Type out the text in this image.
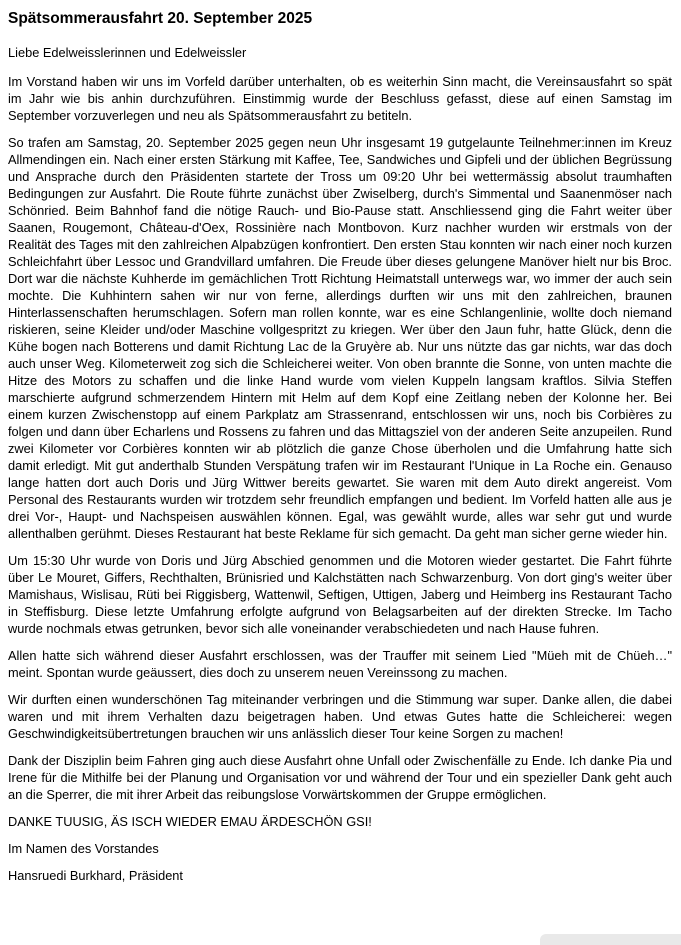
Spätsommerausfahrt 20. September 2025

Liebe Edelweisslerinnen und Edelweissler

Im Vorstand haben wir uns im Vorfeld darüber unterhalten, ob es weiterhin Sinn macht, die Vereinsausfahrt so spät im Jahr wie bis anhin durchzuführen. Einstimmig wurde der Beschluss gefasst, diese auf einen Samstag im September vorzuverlegen und neu als Spätsommerausfahrt zu betiteln.

So trafen am Samstag, 20. September 2025 gegen neun Uhr insgesamt 19 gutgelaunte Teilnehmer:innen im Kreuz Allmendingen ein. Nach einer ersten Stärkung mit Kaffee, Tee, Sandwiches und Gipfeli und der üblichen Begrüssung und Ansprache durch den Präsidenten startete der Tross um 09:20 Uhr bei wettermässig absolut traumhaften Bedingungen zur Ausfahrt. Die Route führte zunächst über Zwiselberg, durch's Simmental und Saanenmöser nach Schönried. Beim Bahnhof fand die nötige Rauch- und Bio-Pause statt. Anschliessend ging die Fahrt weiter über Saanen, Rougemont, Château-d'Oex, Rossinière nach Montbovon. Kurz nachher wurden wir erstmals von der Realität des Tages mit den zahlreichen Alpabzügen konfrontiert. Den ersten Stau konnten wir nach einer noch kurzen Schleichfahrt über Lessoc und Grandvillard umfahren. Die Freude über dieses gelungene Manöver hielt nur bis Broc. Dort war die nächste Kuhherde im gemächlichen Trott Richtung Heimatstall unterwegs war, wo immer der auch sein mochte. Die Kuhhintern sahen wir nur von ferne, allerdings durften wir uns mit den zahlreichen, braunen Hinterlassenschaften herumschlagen. Sofern man rollen konnte, war es eine Schlangenlinie, wollte doch niemand riskieren, seine Kleider und/oder Maschine vollgespritzt zu kriegen. Wer über den Jaun fuhr, hatte Glück, denn die Kühe bogen nach Botterens und damit Richtung Lac de la Gruyère ab. Nur uns nützte das gar nichts, war das doch auch unser Weg. Kilometerweit zog sich die Schleicherei weiter. Von oben brannte die Sonne, von unten machte die Hitze des Motors zu schaffen und die linke Hand wurde vom vielen Kuppeln langsam kraftlos. Silvia Steffen marschierte aufgrund schmerzendem Hintern mit Helm auf dem Kopf eine Zeitlang neben der Kolonne her. Bei einem kurzen Zwischenstopp auf einem Parkplatz am Strassenrand, entschlossen wir uns, noch bis Corbières zu folgen und dann über Echarlens und Rossens zu fahren und das Mittagsziel von der anderen Seite anzupeilen. Rund zwei Kilometer vor Corbières konnten wir ab plötzlich die ganze Chose überholen und die Umfahrung hatte sich damit erledigt. Mit gut anderthalb Stunden Verspätung trafen wir im Restaurant l'Unique in La Roche ein. Genauso lange hatten dort auch Doris und Jürg Wittwer bereits gewartet. Sie waren mit dem Auto direkt angereist. Vom Personal des Restaurants wurden wir trotzdem sehr freundlich empfangen und bedient. Im Vorfeld hatten alle aus je drei Vor-, Haupt- und Nachspeisen auswählen können. Egal, was gewählt wurde, alles war sehr gut und wurde allenthalben gerühmt. Dieses Restaurant hat beste Reklame für sich gemacht. Da geht man sicher gerne wieder hin.

Um 15:30 Uhr wurde von Doris und Jürg Abschied genommen und die Motoren wieder gestartet. Die Fahrt führte über Le Mouret, Giffers, Rechthalten, Brünisried und Kalchstätten nach Schwarzenburg. Von dort ging's weiter über Mamishaus, Wislisau, Rüti bei Riggisberg, Wattenwil, Seftigen, Uttigen, Jaberg und Heimberg ins Restaurant Tacho in Steffisburg. Diese letzte Umfahrung erfolgte aufgrund von Belagsarbeiten auf der direkten Strecke. Im Tacho wurde nochmals etwas getrunken, bevor sich alle voneinander verabschiedeten und nach Hause fuhren.

Allen hatte sich während dieser Ausfahrt erschlossen, was der Trauffer mit seinem Lied "Müeh mit de Chüeh…" meint. Spontan wurde geäussert, dies doch zu unserem neuen Vereinssong zu machen.

Wir durften einen wunderschönen Tag miteinander verbringen und die Stimmung war super. Danke allen, die dabei waren und mit ihrem Verhalten dazu beigetragen haben. Und etwas Gutes hatte die Schleicherei: wegen Geschwindigkeitsübertretungen brauchen wir uns anlässlich dieser Tour keine Sorgen zu machen!

Dank der Disziplin beim Fahren ging auch diese Ausfahrt ohne Unfall oder Zwischenfälle zu Ende. Ich danke Pia und Irene für die Mithilfe bei der Planung und Organisation vor und während der Tour und ein spezieller Dank geht auch an die Sperrer, die mit ihrer Arbeit das reibungslose Vorwärtskommen der Gruppe ermöglichen.

DANKE TUUSIG, ÄS ISCH WIEDER EMAU ÄRDESCHÖN GSI!

Im Namen des Vorstandes

Hansruedi Burkhard, Präsident
